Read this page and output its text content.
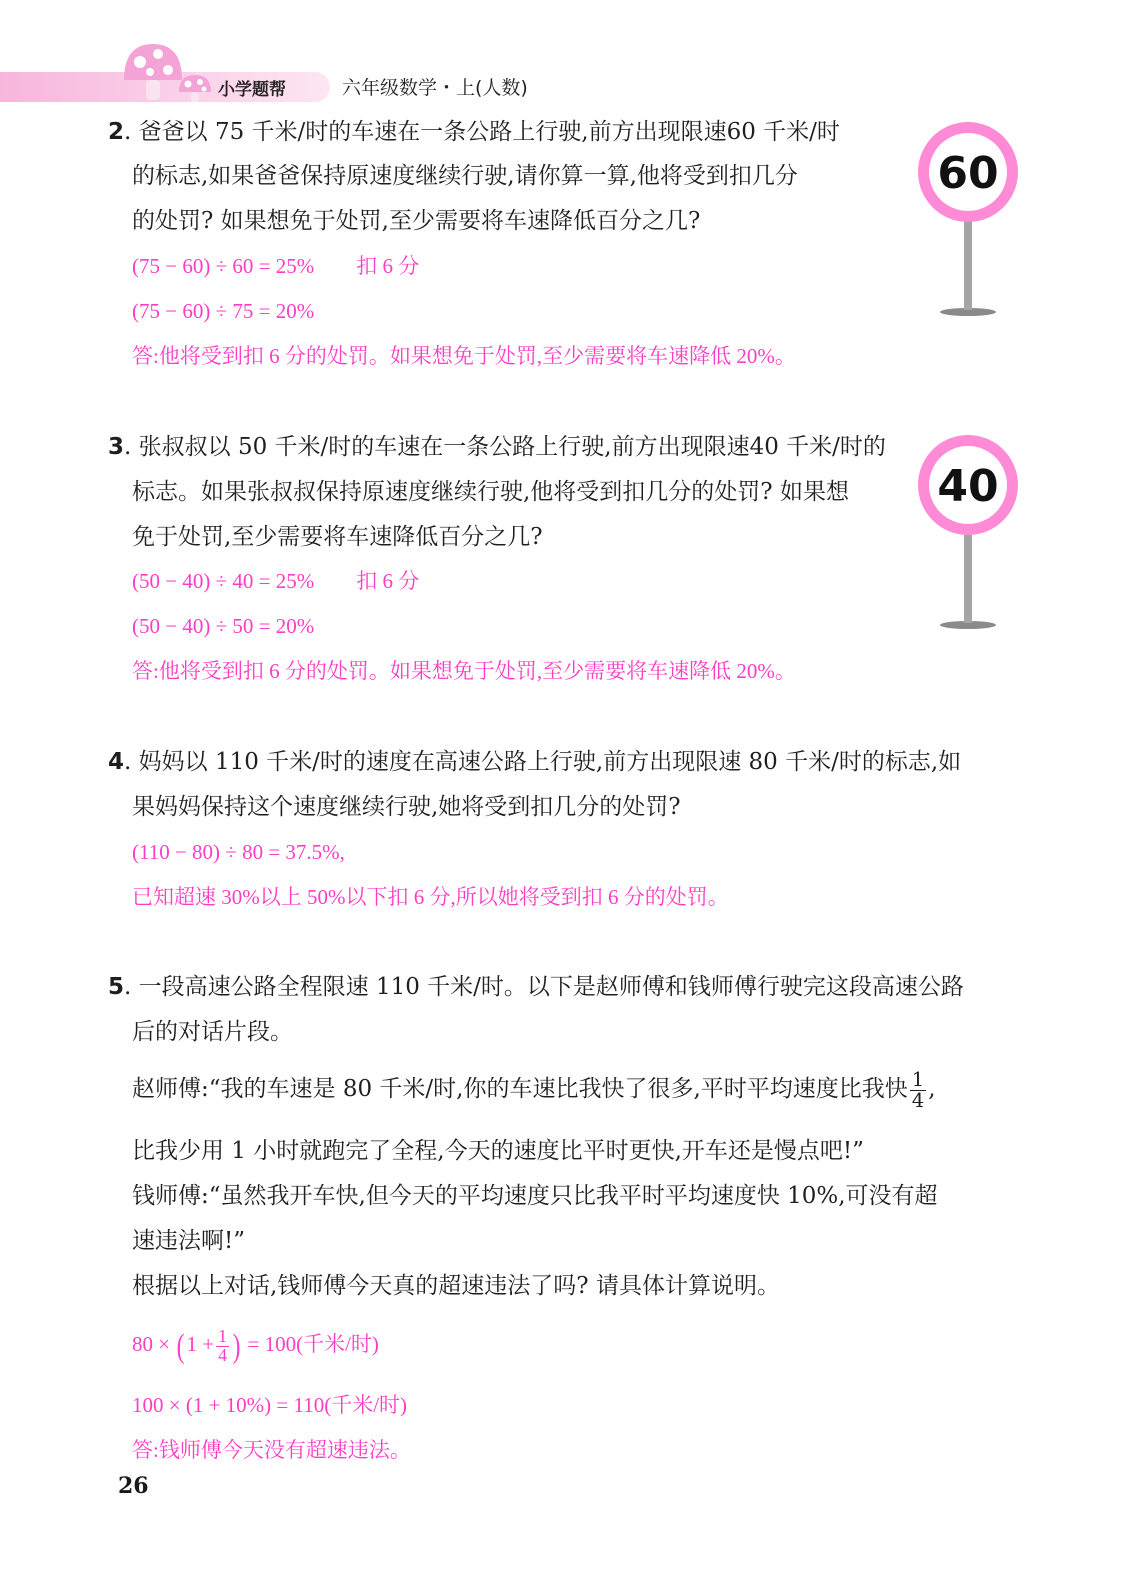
小学题帮	六年级数学・上(人数)
60
40
2. 爸爸以 75 千米/时的车速在一条公路上行驶,前方出现限速60 千米/时
的标志,如果爸爸保持原速度继续行驶,请你算一算,他将受到扣几分
的处罚? 如果想免于处罚,至少需要将车速降低百分之几?
(75 − 60) ÷ 60 = 25%　　扣 6 分
(75 − 60) ÷ 75 = 20%
答:他将受到扣 6 分的处罚。如果想免于处罚,至少需要将车速降低 20%。
3. 张叔叔以 50 千米/时的车速在一条公路上行驶,前方出现限速40 千米/时的
标志。如果张叔叔保持原速度继续行驶,他将受到扣几分的处罚? 如果想
免于处罚,至少需要将车速降低百分之几?
(50 − 40) ÷ 40 = 25%　　扣 6 分
(50 − 40) ÷ 50 = 20%
答:他将受到扣 6 分的处罚。如果想免于处罚,至少需要将车速降低 20%。
4. 妈妈以 110 千米/时的速度在高速公路上行驶,前方出现限速 80 千米/时的标志,如
果妈妈保持这个速度继续行驶,她将受到扣几分的处罚?
(110 − 80) ÷ 80 = 37.5%,
已知超速 30%以上 50%以下扣 6 分,所以她将受到扣 6 分的处罚。
5. 一段高速公路全程限速 110 千米/时。以下是赵师傅和钱师傅行驶完这段高速公路
后的对话片段。
赵师傅:“我的车速是 80 千米/时,你的车速比我快了很多,平时平均速度比我快 $\frac{1}{4}$ ,
比我少用 1 小时就跑完了全程,今天的速度比平时更快,开车还是慢点吧!”
钱师傅:“虽然我开车快,但今天的平均速度只比我平时平均速度快 10%,可没有超
速违法啊!”
根据以上对话,钱师傅今天真的超速违法了吗? 请具体计算说明。
$80 \times (1 + \frac{1}{4}$ ) = 100(千米/时)
100 × (1 + 10%) = 110(千米/时)
答:钱师傅今天没有超速违法。
26
